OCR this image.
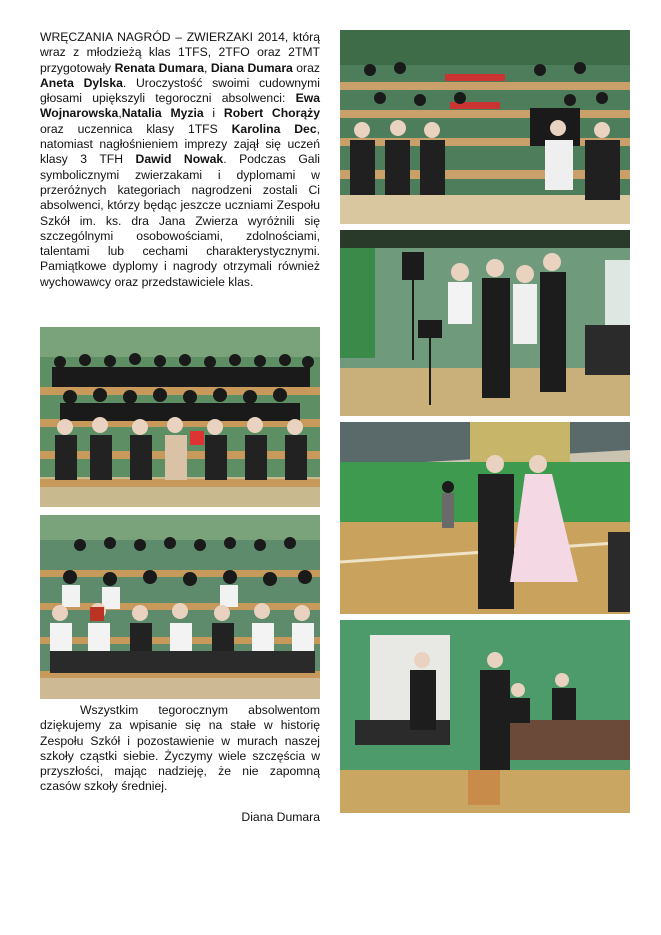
WRĘCZANIA NAGRÓD – ZWIERZAKI 2014, którą wraz z młodzieżą klas 1TFS, 2TFO oraz 2TMT przygotowały Renata Dumara, Diana Dumara oraz Aneta Dylska. Uroczystość swoimi cudownymi głosami upiększyli tegoroczni absolwenci: Ewa Wojnarowska,Natalia Myzia i Robert Chorąży oraz uczennica klasy 1TFS Karolina Dec, natomiast nagłośnieniem imprezy zajął się uczeń klasy 3 TFH Dawid Nowak. Podczas Gali symbolicznymi zwierzakami i dyplomami w przeróżnych kategoriach nagrodzeni zostali Ci absolwenci, którzy będąc jeszcze uczniami Zespołu Szkół im. ks. dra Jana Zwierza wyróżnili się szczególnymi osobowościami, zdolnościami, talentami lub cechami charakterystycznymi. Pamiątkowe dyplomy i nagrody otrzymali również wychowawcy oraz przedstawiciele klas.

Wszystkim tegorocznym absolwentom dziękujemy za wpisanie się na stałe w historię Zespołu Szkół i pozostawienie w murach naszej szkoły cząstki siebie. Życzymy wiele szczęścia w przyszłości, mając nadzieję, że nie zapomną czasów szkoły średniej.

Diana Dumara
